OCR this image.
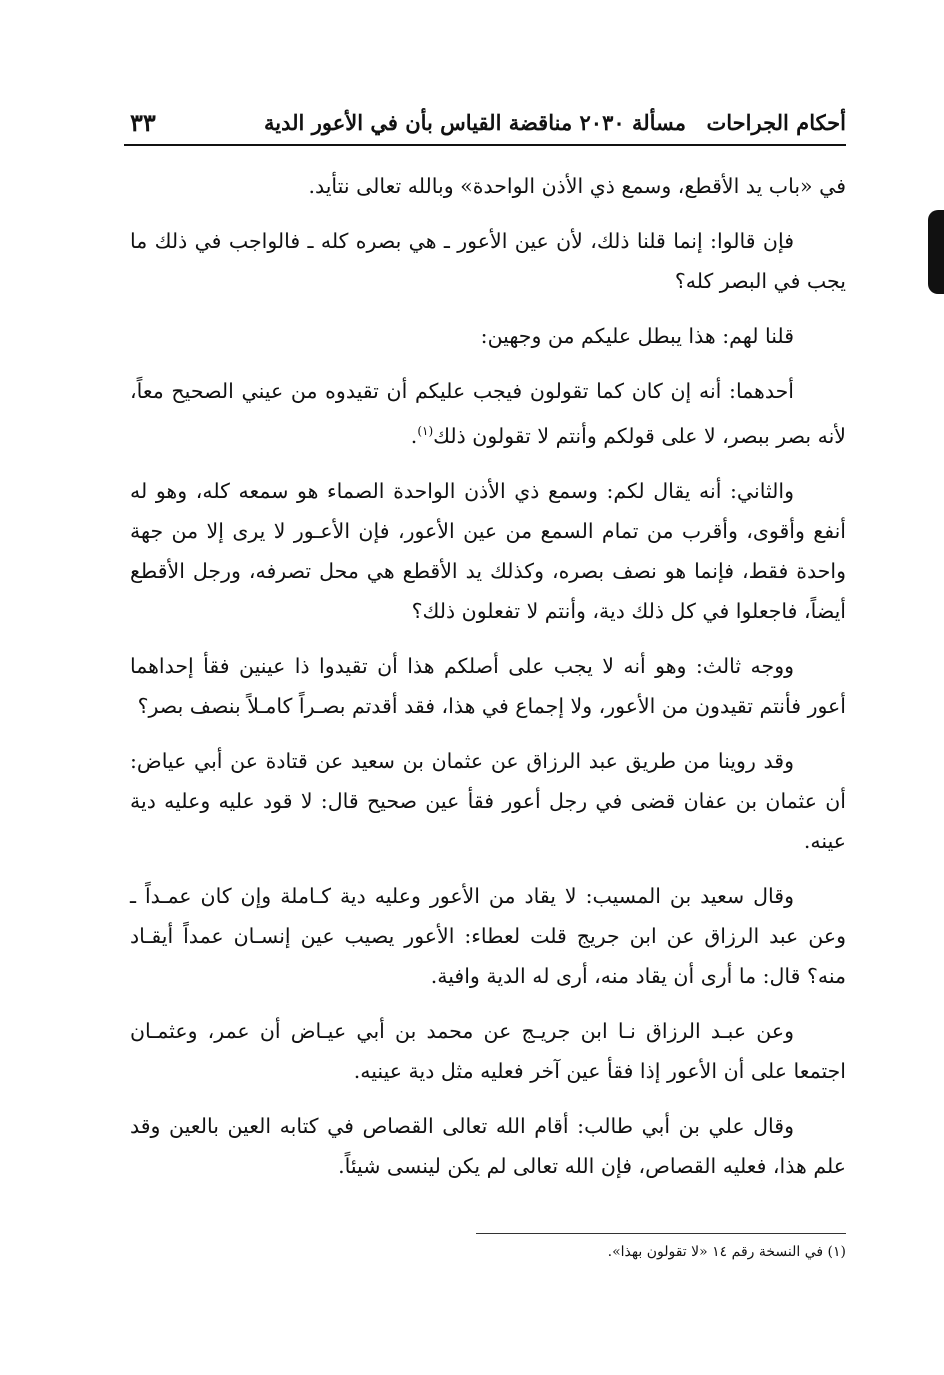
أحكام الجراحات
مسألة ٢٠٣٠ مناقضة القياس بأن في الأعور الدية
٣٣

في «باب يد الأقطع، وسمع ذي الأذن الواحدة» وبالله تعالى نتأيد.

فإن قالوا: إنما قلنا ذلك، لأن عين الأعور ـ هي بصره كله ـ فالواجب في ذلك ما يجب في البصر كله؟

قلنا لهم: هذا يبطل عليكم من وجهين:

أحدهما: أنه إن كان كما تقولون فيجب عليكم أن تقيدوه من عيني الصحيح معاً، لأنه بصر ببصر، لا على قولكم وأنتم لا تقولون ذلك$^{(١)}$.

والثاني: أنه يقال لكم: وسمع ذي الأذن الواحدة الصماء هو سمعه كله، وهو له أنفع وأقوى، وأقرب من تمام السمع من عين الأعور، فإن الأعـور لا يرى إلا من جهة واحدة فقط، فإنما هو نصف بصره، وكذلك يد الأقطع هي محل تصرفه، ورجل الأقطع أيضاً، فاجعلوا في كل ذلك دية، وأنتم لا تفعلون ذلك؟

ووجه ثالث: وهو أنه لا يجب على أصلكم هذا أن تقيدوا ذا عينين فقأ إحداهما أعور فأنتم تقيدون من الأعور، ولا إجماع في هذا، فقد أقدتم بصـراً كامـلاً بنصف بصر؟

وقد روينا من طريق عبد الرزاق عن عثمان بن سعيد عن قتادة عن أبي عياض: أن عثمان بن عفان قضى في رجل أعور فقأ عين صحيح قال: لا قود عليه وعليه دية عينه.

وقال سعيد بن المسيب: لا يقاد من الأعور وعليه دية كـاملة وإن كان عمـداً ـ وعن عبد الرزاق عن ابن جريج قلت لعطاء: الأعور يصيب عين إنسـان عمداً أيقـاد منه؟ قال: ما أرى أن يقاد منه، أرى له الدية وافية.

وعن عبـد الرزاق نـا ابن جريـج عن محمد بن أبي عيـاض أن عمر، وعثمـان اجتمعا على أن الأعور إذا فقأ عين آخر فعليه مثل دية عينيه.

وقال علي بن أبي طالب: أقام الله تعالى القصاص في كتابه العين بالعين وقد علم هذا، فعليه القصاص، فإن الله تعالى لم يكن لينسى شيئاً.

(١) في النسخة رقم ١٤ «لا تقولون بهذا».
